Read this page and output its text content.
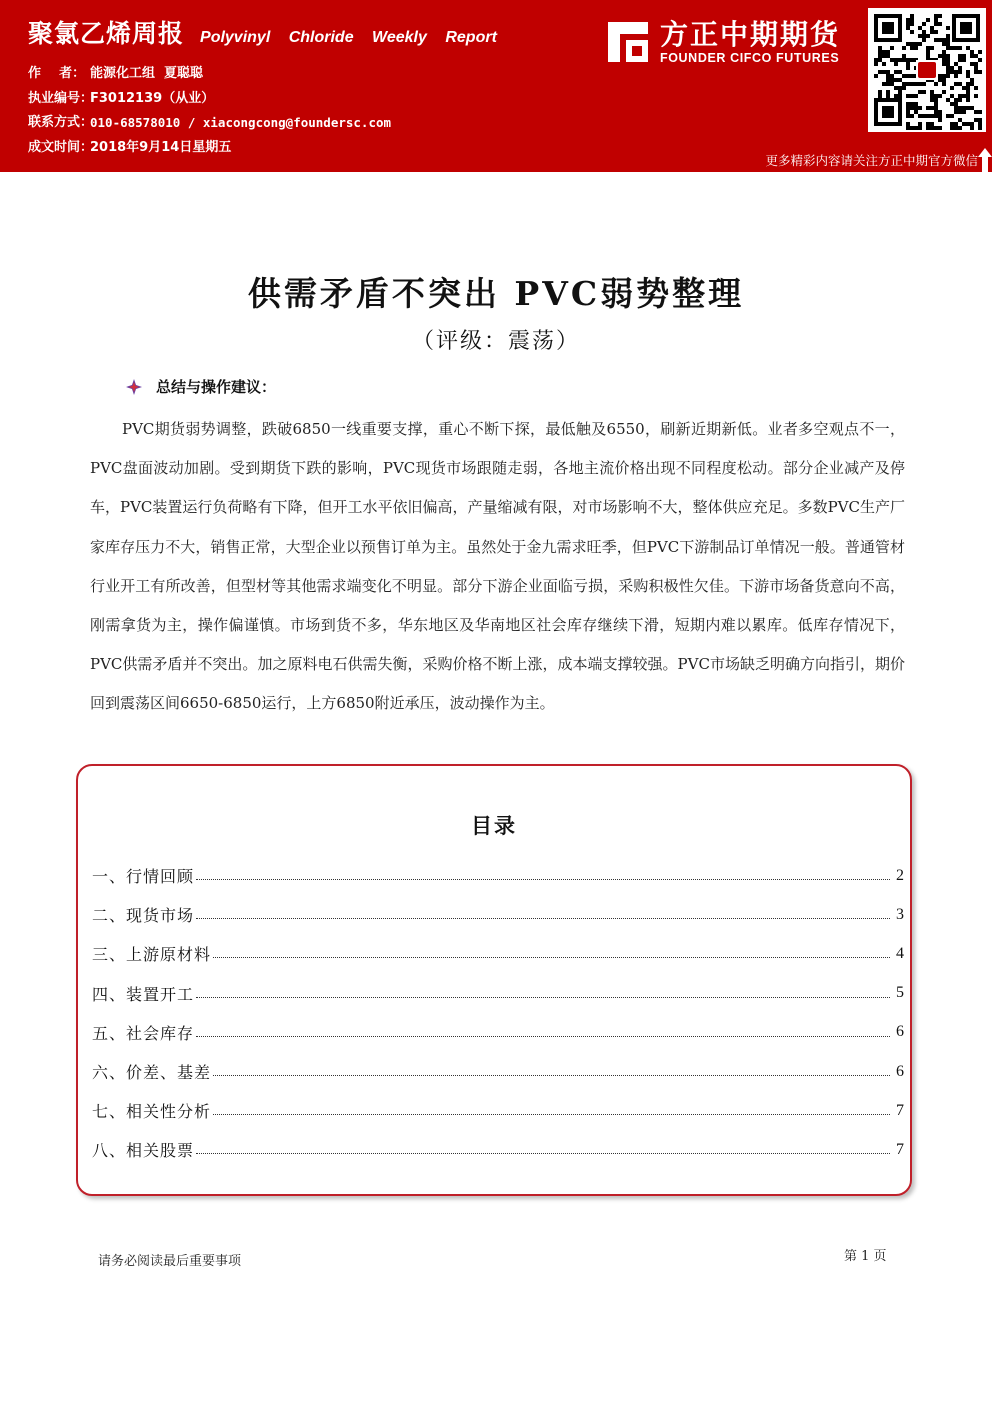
聚氯乙烯周报 Polyvinyl Chloride Weekly Report
作    者： 能源化工组  夏聪聪
执业编号：
F3012139（从业）
联系方式：
010-68578010 / xiacongcong@foundersc.com
成文时间：
2018年9月14日星期五
方正中期期货
FOUNDER CIFCO FUTURES
更多精彩内容请关注方正中期官方微信
供需矛盾不突出 PVC弱势整理
（评级：震荡）
总结与操作建议：

PVC期货弱势调整，跌破6850一线重要支撑，重心不断下探，最低触及6550，刷新近期新低。业者多空观点不一，PVC盘面波动加剧。受到期货下跌的影响，PVC现货市场跟随走弱，各地主流价格出现不同程度松动。部分企业减产及停车，PVC装置运行负荷略有下降，但开工水平依旧偏高，产量缩减有限，对市场影响不大，整体供应充足。多数PVC生产厂家库存压力不大，销售正常，大型企业以预售订单为主。虽然处于金九需求旺季，但PVC下游制品订单情况一般。普通管材行业开工有所改善，但型材等其他需求端变化不明显。部分下游企业面临亏损，采购积极性欠佳。下游市场备货意向不高，刚需拿货为主，操作偏谨慎。市场到货不多，华东地区及华南地区社会库存继续下滑，短期内难以累库。低库存情况下，PVC供需矛盾并不突出。加之原料电石供需失衡，采购价格不断上涨，成本端支撑较强。PVC市场缺乏明确方向指引，期价回到震荡区间6650-6850运行，上方6850附近承压，波动操作为主。

目录
一、行情回顾	2
二、现货市场	3
三、上游原材料	4
四、装置开工	5
五、社会库存	6
六、价差、基差	6
七、相关性分析	7
八、相关股票	7
请务必阅读最后重要事项	第 1 页
